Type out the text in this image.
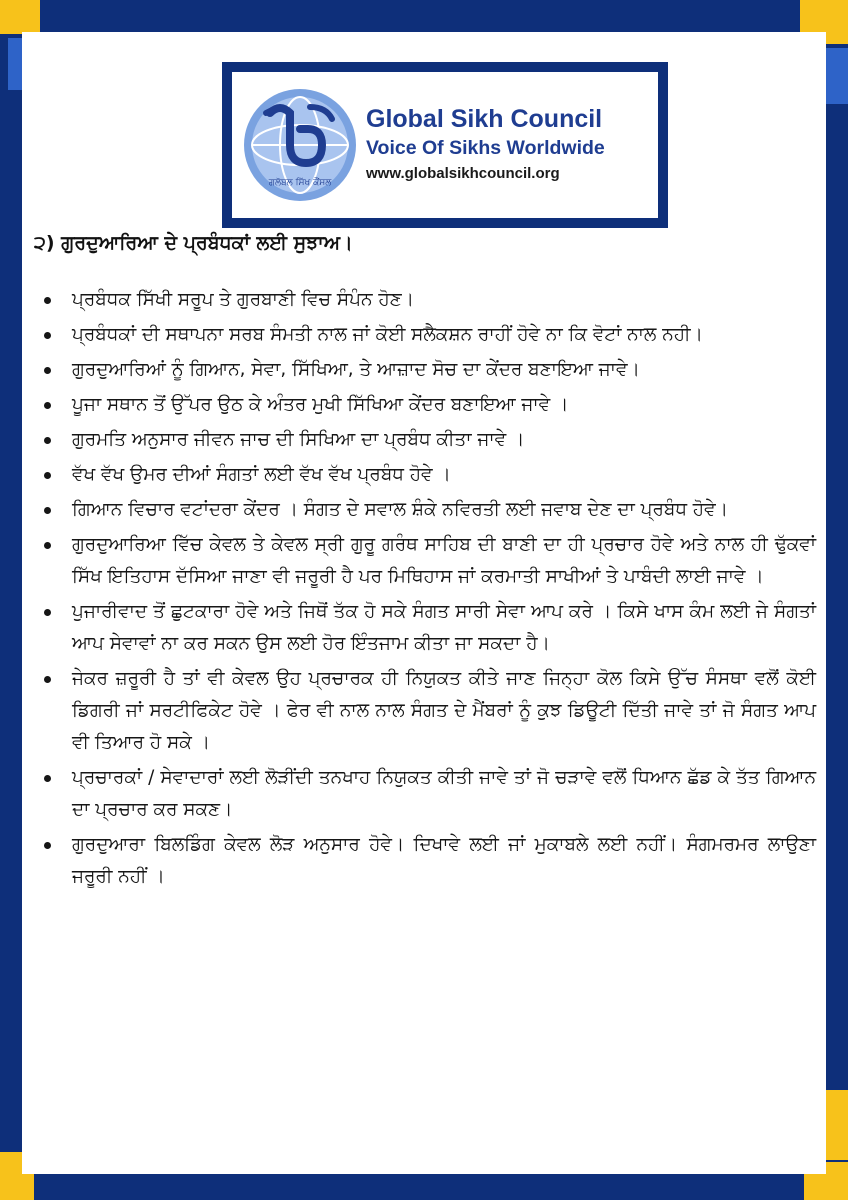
ਗਲੋਬਲ ਸਿੱਖ ਕੌਂਸਲ
Global Sikh Council
Voice Of Sikhs Worldwide
www.globalsikhcouncil.org
੨) ਗੁਰਦੁਆਰਿਆ ਦੇ ਪ੍ਰਬੰਧਕਾਂ ਲਈ ਸੁਝਾਅ।
ਪ੍ਰਬੰਧਕ ਸਿੱਖੀ ਸਰੂਪ ਤੇ ਗੁਰਬਾਣੀ ਵਿਚ ਸੰਪੰਨ ਹੋਣ।
ਪ੍ਰਬੰਧਕਾਂ ਦੀ ਸਥਾਪਨਾ ਸਰਬ ਸੰਮਤੀ ਨਾਲ ਜਾਂ ਕੋਈ ਸਲੈਕਸ਼ਨ ਰਾਹੀਂ ਹੋਵੇ ਨਾ ਕਿ ਵੋਟਾਂ ਨਾਲ ਨਹੀ।
ਗੁਰਦੁਆਰਿਆਂ ਨੂੰ ਗਿਆਨ, ਸੇਵਾ, ਸਿੱਖਿਆ, ਤੇ ਆਜ਼ਾਦ ਸੋਚ ਦਾ ਕੇਂਦਰ ਬਣਾਇਆ ਜਾਵੇ।
ਪੂਜਾ ਸਥਾਨ ਤੋਂ ਉੱਪਰ ਉਠ ਕੇ ਅੰਤਰ ਮੁਖੀ ਸਿੱਖਿਆ ਕੇਂਦਰ ਬਣਾਇਆ ਜਾਵੇ ।
ਗੁਰਮਤਿ ਅਨੁਸਾਰ ਜੀਵਨ ਜਾਚ ਦੀ ਸਿਖਿਆ ਦਾ ਪ੍ਰਬੰਧ ਕੀਤਾ ਜਾਵੇ ।
ਵੱਖ ਵੱਖ ਉਮਰ ਦੀਆਂ ਸੰਗਤਾਂ ਲਈ ਵੱਖ ਵੱਖ ਪ੍ਰਬੰਧ ਹੋਵੇ ।
ਗਿਆਨ ਵਿਚਾਰ ਵਟਾਂਦਰਾ ਕੇਂਦਰ । ਸੰਗਤ ਦੇ ਸਵਾਲ ਸ਼ੰਕੇ ਨਵਿਰਤੀ ਲਈ ਜਵਾਬ ਦੇਣ ਦਾ ਪ੍ਰਬੰਧ ਹੋਵੇ।
ਗੁਰਦੁਆਰਿਆ ਵਿੱਚ ਕੇਵਲ ਤੇ ਕੇਵਲ ਸ੍ਰੀ ਗੁਰੂ ਗਰੰਥ ਸਾਹਿਬ ਦੀ ਬਾਣੀ ਦਾ ਹੀ ਪ੍ਰਚਾਰ ਹੋਵੇ ਅਤੇ ਨਾਲ ਹੀ ਢੁੱਕਵਾਂ ਸਿੱਖ ਇਤਿਹਾਸ ਦੱਸਿਆ ਜਾਣਾ ਵੀ ਜਰੂਰੀ ਹੈ ਪਰ ਮਿਥਿਹਾਸ ਜਾਂ ਕਰਮਾਤੀ ਸਾਖੀਆਂ ਤੇ ਪਾਬੰਦੀ ਲਾਈ ਜਾਵੇ ।
ਪੁਜਾਰੀਵਾਦ ਤੋਂ ਛੁਟਕਾਰਾ ਹੋਵੇ ਅਤੇ ਜਿਥੋਂ ਤੱਕ ਹੋ ਸਕੇ ਸੰਗਤ ਸਾਰੀ ਸੇਵਾ ਆਪ ਕਰੇ । ਕਿਸੇ ਖਾਸ ਕੰਮ ਲਈ ਜੇ ਸੰਗਤਾਂ ਆਪ ਸੇਵਾਵਾਂ ਨਾ ਕਰ ਸਕਨ ਉਸ ਲਈ ਹੋਰ ਇੰਤਜਾਮ ਕੀਤਾ ਜਾ ਸਕਦਾ ਹੈ।
ਜੇਕਰ ਜ਼ਰੂਰੀ ਹੈ ਤਾਂ ਵੀ ਕੇਵਲ ਉਹ ਪ੍ਰਚਾਰਕ ਹੀ ਨਿਯੁਕਤ ਕੀਤੇ ਜਾਣ ਜਿਨ੍ਹਾ ਕੋਲ ਕਿਸੇ ਉੱਚ ਸੰਸਥਾ ਵਲੋਂ ਕੋਈ ਡਿਗਰੀ ਜਾਂ ਸਰਟੀਫਿਕੇਟ ਹੋਵੇ । ਫੇਰ ਵੀ ਨਾਲ ਨਾਲ ਸੰਗਤ ਦੇ ਮੈਂਬਰਾਂ ਨੂੰ ਕੁਝ ਡਿਊਟੀ ਦਿੱਤੀ ਜਾਵੇ ਤਾਂ ਜੋ ਸੰਗਤ ਆਪ ਵੀ ਤਿਆਰ ਹੋ ਸਕੇ ।
ਪ੍ਰਚਾਰਕਾਂ / ਸੇਵਾਦਾਰਾਂ ਲਈ ਲੋੜੀਂਦੀ ਤਨਖਾਹ ਨਿਯੁਕਤ ਕੀਤੀ ਜਾਵੇ ਤਾਂ ਜੋ ਚੜਾਵੇ ਵਲੋਂ ਧਿਆਨ ਛੱਡ ਕੇ ਤੱਤ ਗਿਆਨ ਦਾ ਪ੍ਰਚਾਰ ਕਰ ਸਕਣ।
ਗੁਰਦੁਆਰਾ ਬਿਲਡਿੰਗ ਕੇਵਲ ਲੋੜ ਅਨੁਸਾਰ ਹੋਵੇ। ਦਿਖਾਵੇ ਲਈ ਜਾਂ ਮੁਕਾਬਲੇ ਲਈ ਨਹੀਂ। ਸੰਗਮਰਮਰ ਲਾਉਣਾ ਜਰੂਰੀ ਨਹੀਂ ।
